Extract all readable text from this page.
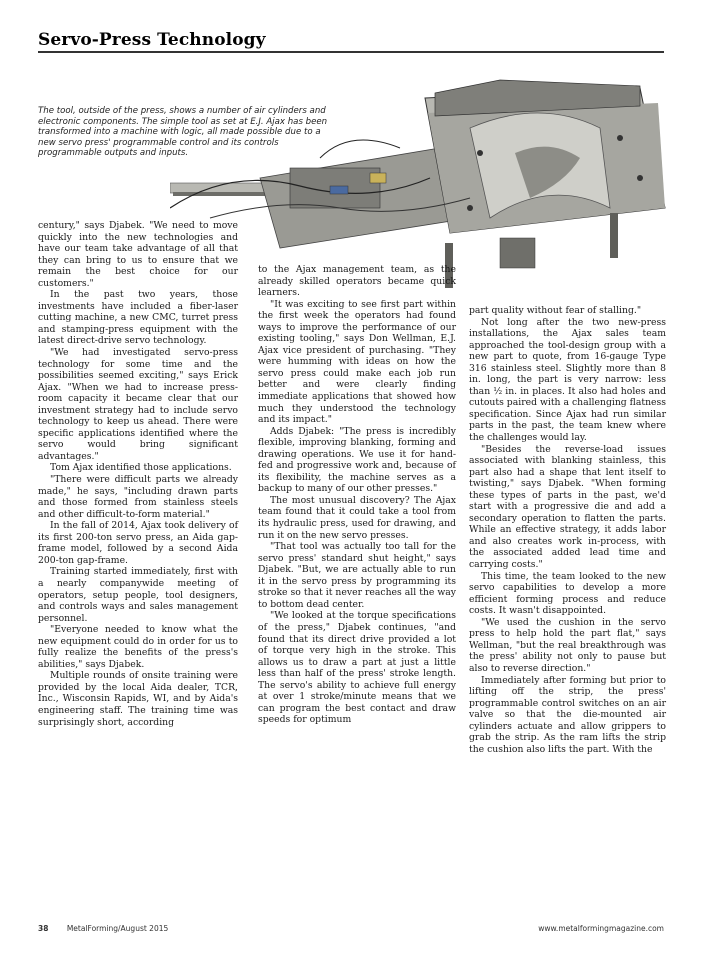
Servo-Press Technology
The tool, outside of the press, shows a number of air cylinders and electronic components. The simple tool as set at E.J. Ajax has been transformed into a machine with logic, all made possible due to a new servo press' programmable control and its controls programmable outputs and inputs.

century," says Djabek. "We need to move quickly into the new technologies and have our team take advantage of all that they can bring to us to ensure that we remain the best choice for our customers."

In the past two years, those investments have included a fiber-laser cutting machine, a new CMC, turret press and stamping-press equipment with the latest direct-drive servo technology.

"We had investigated servo-press technology for some time and the possibilities seemed exciting," says Erick Ajax. "When we had to increase press-room capacity it became clear that our investment strategy had to include servo technology to keep us ahead. There were specific applications identified where the servo would bring significant advantages."

Tom Ajax identified those applications.

"There were difficult parts we already made," he says, "including drawn parts and those formed from stainless steels and other difficult-to-form material."

In the fall of 2014, Ajax took delivery of its first 200-ton servo press, an Aida gap-frame model, followed by a second Aida 200-ton gap-frame.

Training started immediately, first with a nearly companywide meeting of operators, setup people, tool designers, and controls ways and sales management personnel.

"Everyone needed to know what the new equipment could do in order for us to fully realize the benefits of the press's abilities," says Djabek.

Multiple rounds of onsite training were provided by the local Aida dealer, TCR, Inc., Wisconsin Rapids, WI, and by Aida's engineering staff. The training time was surprisingly short, according

to the Ajax management team, as the already skilled operators became quick learners.

"It was exciting to see first part within the first week the operators had found ways to improve the performance of our existing tooling," says Don Wellman, E.J. Ajax vice president of purchasing. "They were humming with ideas on how the servo press could make each job run better and were clearly finding immediate applications that showed how much they understood the technology and its impact."

Adds Djabek: "The press is incredibly flexible, improving blanking, forming and drawing operations. We use it for hand-fed and progressive work and, because of its flexibility, the machine serves as a backup to many of our other presses."

The most unusual discovery? The Ajax team found that it could take a tool from its hydraulic press, used for drawing, and run it on the new servo presses.

"That tool was actually too tall for the servo press' standard shut height," says Djabek. "But, we are actually able to run it in the servo press by programming its stroke so that it never reaches all the way to bottom dead center.

"We looked at the torque specifications of the press," Djabek continues, "and found that its direct drive provided a lot of torque very high in the stroke. This allows us to draw a part at just a little less than half of the press' stroke length. The servo's ability to achieve full energy at over 1 stroke/minute means that we can program the best contact and draw speeds for optimum

part quality without fear of stalling."

Not long after the two new-press installations, the Ajax sales team approached the tool-design group with a new part to quote, from 16-gauge Type 316 stainless steel. Slightly more than 8 in. long, the part is very narrow: less than ½ in. in places. It also had holes and cutouts paired with a challenging flatness specification. Since Ajax had run similar parts in the past, the team knew where the challenges would lay.

"Besides the reverse-load issues associated with blanking stainless, this part also had a shape that lent itself to twisting," says Djabek. "When forming these types of parts in the past, we'd start with a progressive die and add a secondary operation to flatten the parts. While an effective strategy, it adds labor and also creates work in-process, with the associated added lead time and carrying costs."

This time, the team looked to the new servo capabilities to develop a more efficient forming process and reduce costs. It wasn't disappointed.

"We used the cushion in the servo press to help hold the part flat," says Wellman, "but the real breakthrough was the press' ability not only to pause but also to reverse direction."

Immediately after forming but prior to lifting off the strip, the press' programmable control switches on an air valve so that the die-mounted air cylinders actuate and allow grippers to grab the strip. As the ram lifts the strip the cushion also lifts the part. With the

38 MetalForming/August 2015	www.metalformingmagazine.com
